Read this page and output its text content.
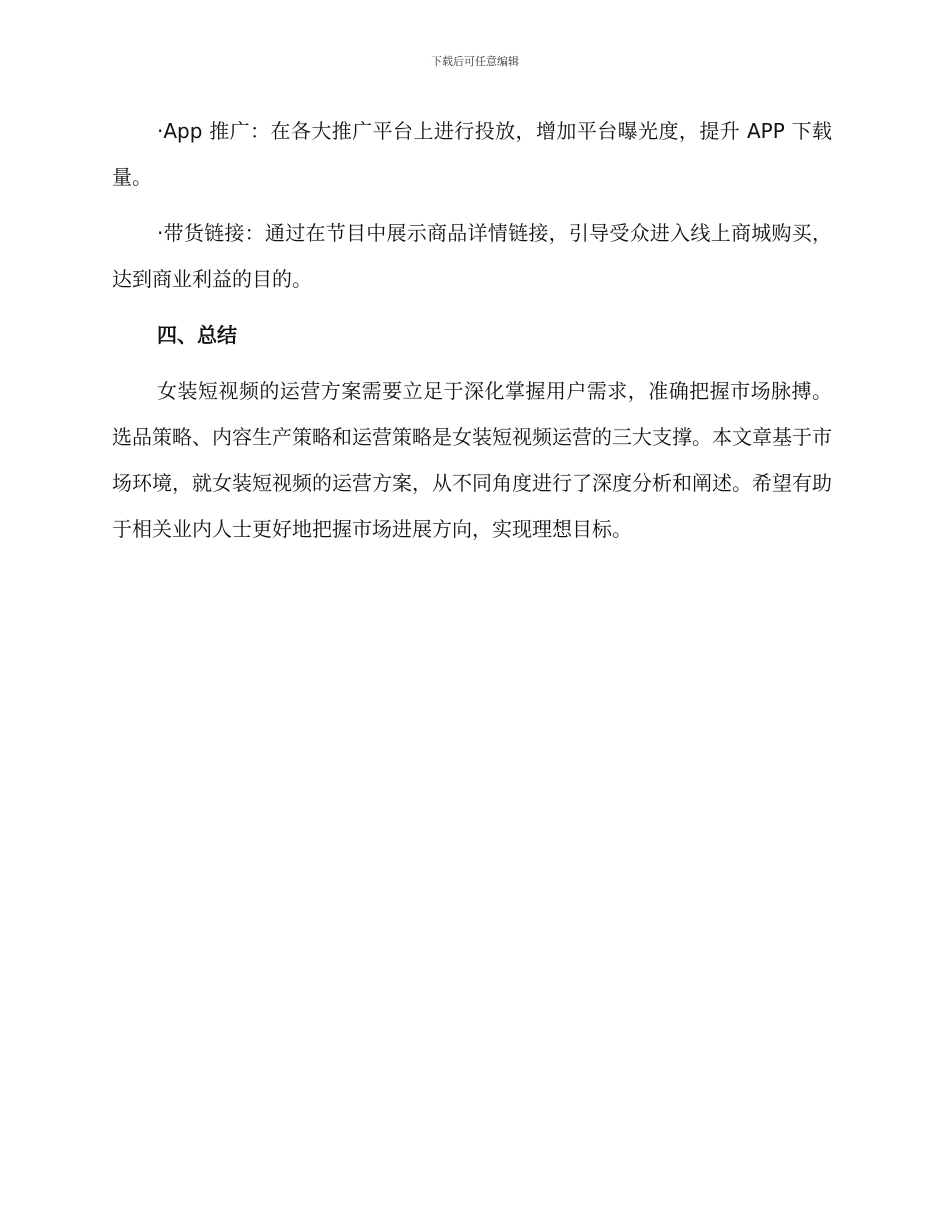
下载后可任意编辑

·App 推广：在各大推广平台上进行投放，增加平台曝光度，提升 APP 下载量。

·带货链接：通过在节目中展示商品详情链接，引导受众进入线上商城购买，达到商业利益的目的。

四、总结

女装短视频的运营方案需要立足于深化掌握用户需求，准确把握市场脉搏。选品策略、内容生产策略和运营策略是女装短视频运营的三大支撑。本文章基于市场环境，就女装短视频的运营方案，从不同角度进行了深度分析和阐述。希望有助于相关业内人士更好地把握市场进展方向，实现理想目标。
